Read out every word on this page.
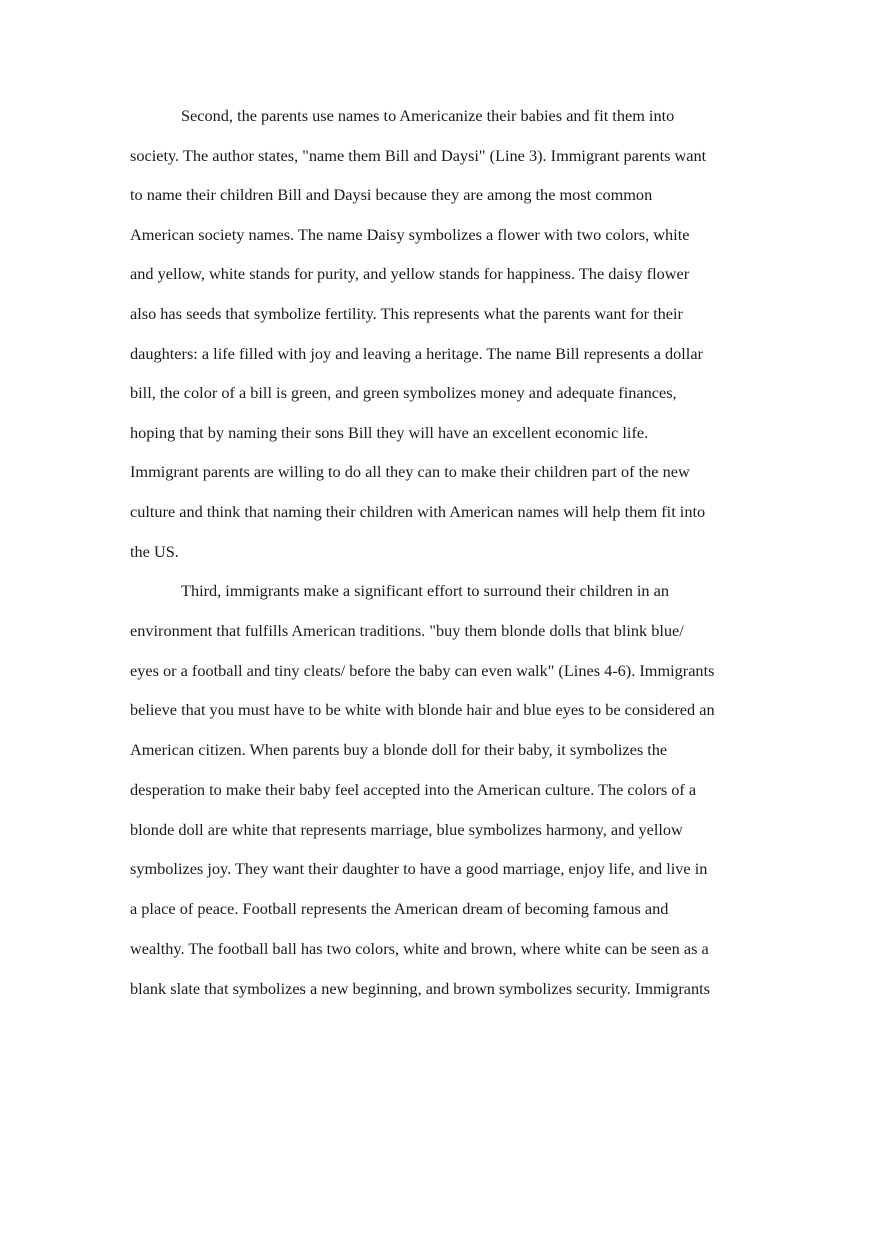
Second, the parents use names to Americanize their babies and fit them into
society. The author states, "name them Bill and Daysi" (Line 3). Immigrant parents want
to name their children Bill and Daysi because they are among the most common
American society names. The name Daisy symbolizes a flower with two colors, white
and yellow, white stands for purity, and yellow stands for happiness. The daisy flower
also has seeds that symbolize fertility. This represents what the parents want for their
daughters: a life filled with joy and leaving a heritage. The name Bill represents a dollar
bill, the color of a bill is green, and green symbolizes money and adequate finances,
hoping that by naming their sons Bill they will have an excellent economic life.
Immigrant parents are willing to do all they can to make their children part of the new
culture and think that naming their children with American names will help them fit into
the US.
Third, immigrants make a significant effort to surround their children in an
environment that fulfills American traditions. "buy them blonde dolls that blink blue/
eyes or a football and tiny cleats/ before the baby can even walk" (Lines 4-6). Immigrants
believe that you must have to be white with blonde hair and blue eyes to be considered an
American citizen. When parents buy a blonde doll for their baby, it symbolizes the
desperation to make their baby feel accepted into the American culture. The colors of a
blonde doll are white that represents marriage, blue symbolizes harmony, and yellow
symbolizes joy. They want their daughter to have a good marriage, enjoy life, and live in
a place of peace. Football represents the American dream of becoming famous and
wealthy. The football ball has two colors, white and brown, where white can be seen as a
blank slate that symbolizes a new beginning, and brown symbolizes security. Immigrants
